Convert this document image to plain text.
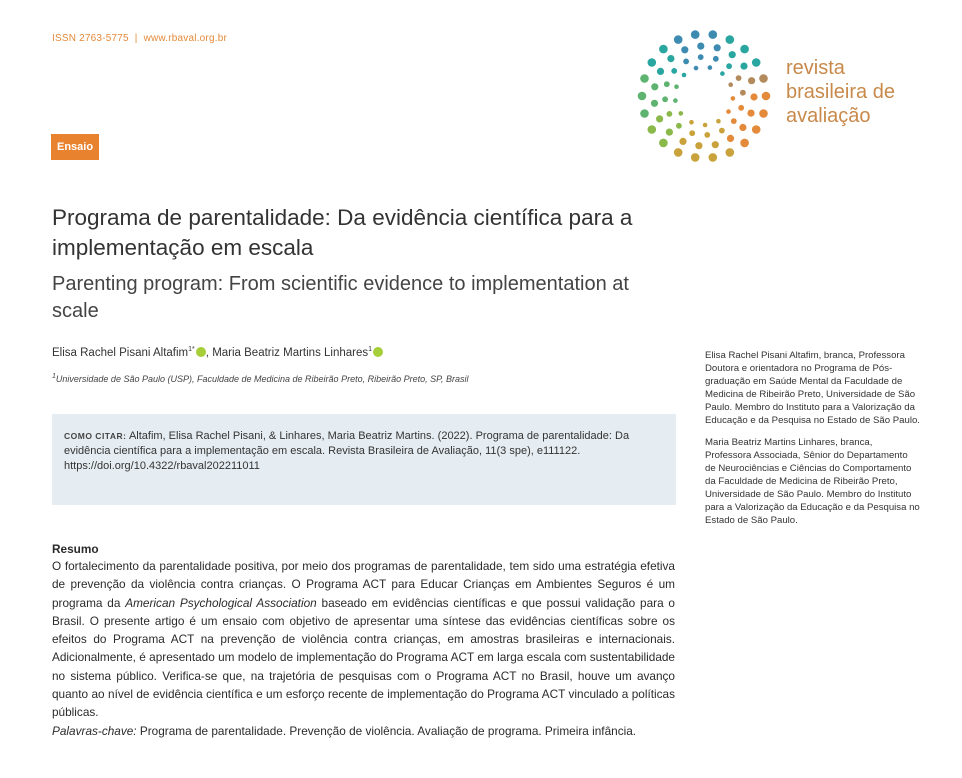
ISSN 2763-5775 | www.rbaval.org.br
revista
brasileira de
avaliação
Ensaio
Programa de parentalidade: Da evidência científica para a implementação em escala
Parenting program: From scientific evidence to implementation at scale
Elisa Rachel Pisani Altafim$^{1*}$ , Maria Beatriz Martins Linhares$^1$
$^1$Universidade de São Paulo (USP), Faculdade de Medicina de Ribeirão Preto, Ribeirão Preto, SP, Brasil
COMO CITAR: Altafim, Elisa Rachel Pisani, & Linhares, Maria Beatriz Martins. (2022). Programa de parentalidade: Da evidência científica para a implementação em escala. Revista Brasileira de Avaliação, 11(3 spe), e111122. https://doi.org/10.4322/rbaval202211011
Resumo

O fortalecimento da parentalidade positiva, por meio dos programas de parentalidade, tem sido uma estratégia efetiva de prevenção da violência contra crianças. O Programa ACT para Educar Crianças em Ambientes Seguros é um programa da American Psychological Association baseado em evidências científicas e que possui validação para o Brasil. O presente artigo é um ensaio com objetivo de apresentar uma síntese das evidências científicas sobre os efeitos do Programa ACT na prevenção de violência contra crianças, em amostras brasileiras e internacionais. Adicionalmente, é apresentado um modelo de implementação do Programa ACT em larga escala com sustentabilidade no sistema público. Verifica-se que, na trajetória de pesquisas com o Programa ACT no Brasil, houve um avanço quanto ao nível de evidência científica e um esforço recente de implementação do Programa ACT vinculado a políticas públicas.

Palavras-chave: Programa de parentalidade. Prevenção de violência. Avaliação de programa. Primeira infância.

Elisa Rachel Pisani Altafim, branca, Professora Doutora e orientadora no Programa de Pós-graduação em Saúde Mental da Faculdade de Medicina de Ribeirão Preto, Universidade de São Paulo. Membro do Instituto para a Valorização da Educação e da Pesquisa no Estado de São Paulo.

Maria Beatriz Martins Linhares, branca, Professora Associada, Sênior do Departamento de Neurociências e Ciências do Comportamento da Faculdade de Medicina de Ribeirão Preto, Universidade de São Paulo. Membro do Instituto para a Valorização da Educação e da Pesquisa no Estado de São Paulo.
